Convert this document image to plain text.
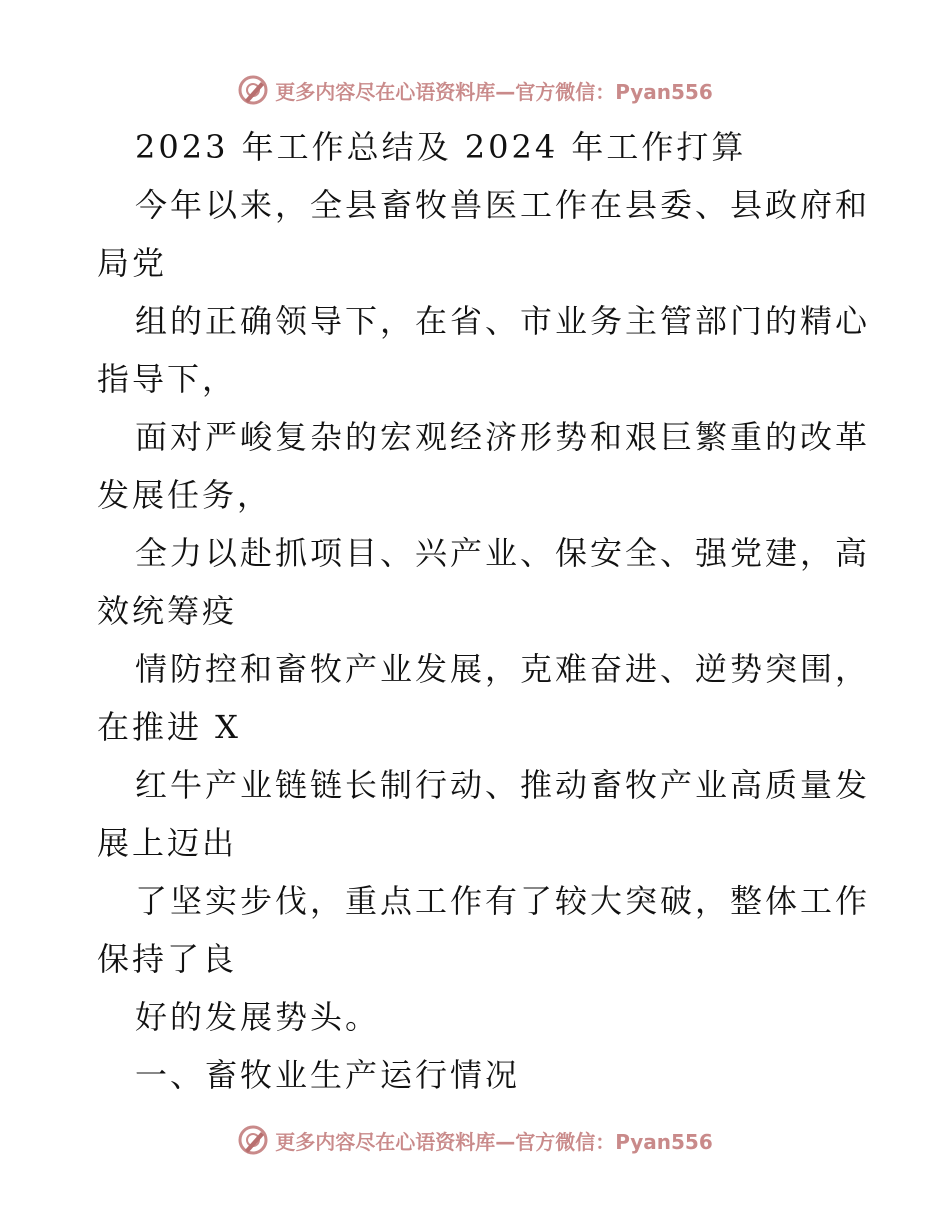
更多内容尽在心语资料库—官方微信：Pyan556
2023 年工作总结及 2024 年工作打算
今年以来，全县畜牧兽医工作在县委、县政府和
局党
组的正确领导下，在省、市业务主管部门的精心
指导下，
面对严峻复杂的宏观经济形势和艰巨繁重的改革
发展任务，
全力以赴抓项目、兴产业、保安全、强党建，高
效统筹疫
情防控和畜牧产业发展，克难奋进、逆势突围，
在推进 X
红牛产业链链长制行动、推动畜牧产业高质量发
展上迈出
了坚实步伐，重点工作有了较大突破，整体工作
保持了良
好的发展势头。
一、畜牧业生产运行情况
更多内容尽在心语资料库—官方微信：Pyan556
